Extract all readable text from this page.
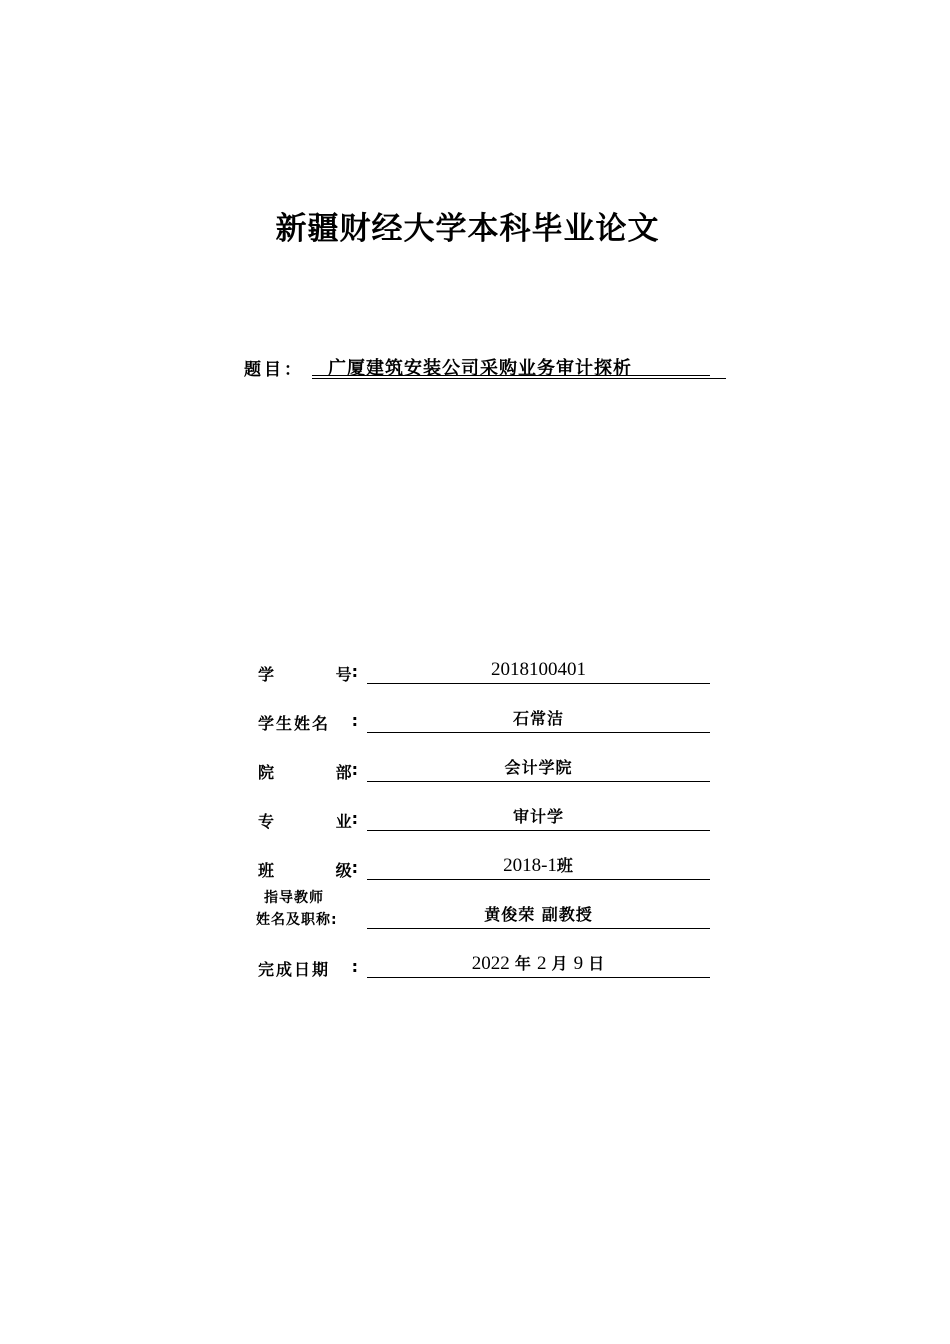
新疆财经大学本科毕业论文
题目： 广厦建筑安装公司采购业务审计探析
学	号 :	2018100401
学生姓名	:	石常洁
院	部 :	会计学院
专	业 :	审计学
班	级 :	2018-1班
指导教师
姓名及职称:	黄俊荣 副教授
完成日期	:	2022 年 2 月 9 日
